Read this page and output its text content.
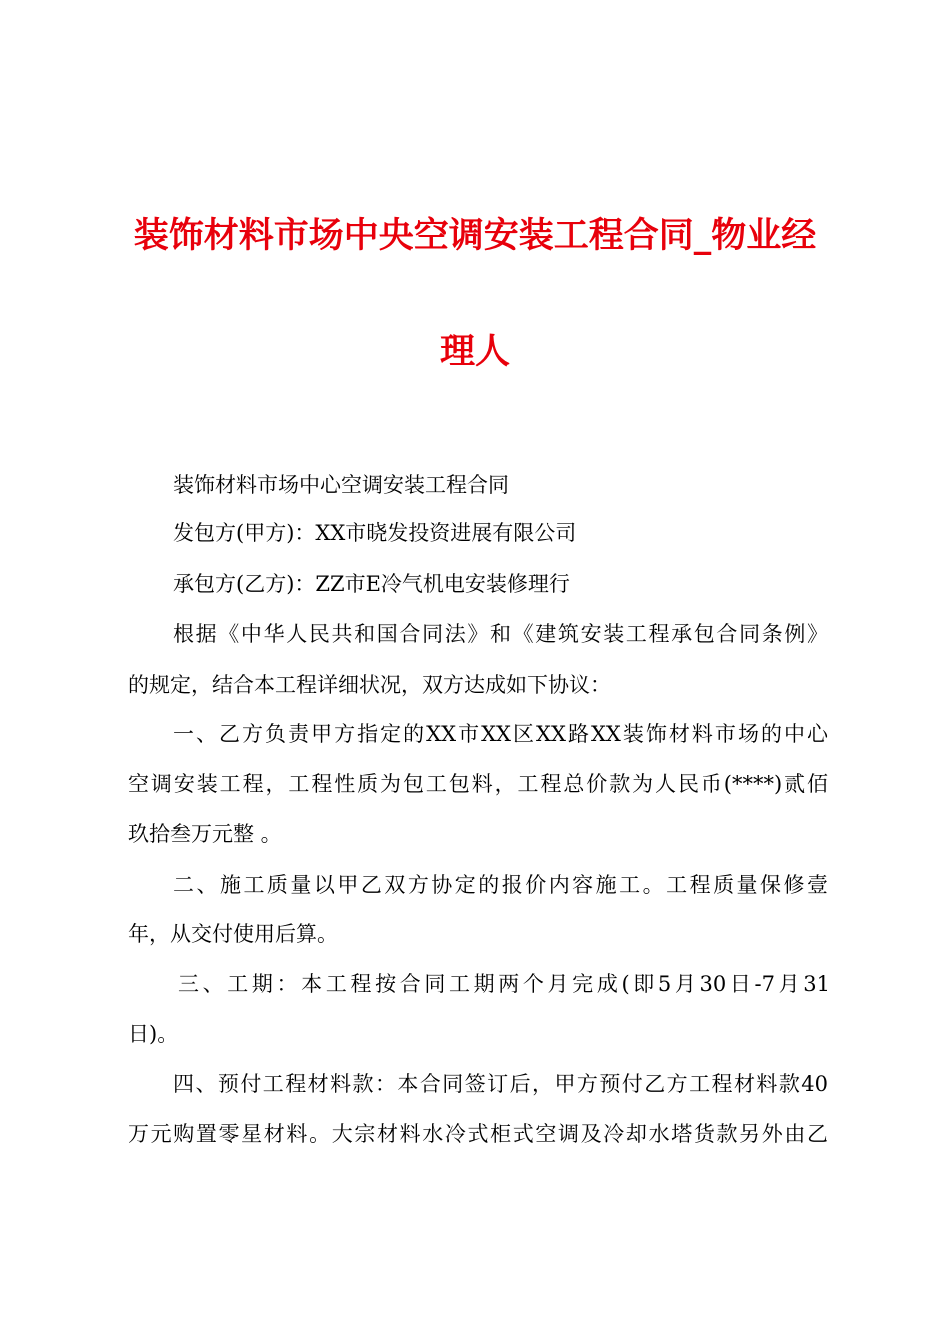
装饰材料市场中央空调安装工程合同_物业经
理人
装饰材料市场中心空调安装工程合同
发包方(甲方)：XX市晓发投资进展有限公司
承包方(乙方)：ZZ市E冷气机电安装修理行
根据《中华人民共和国合同法》和《建筑安装工程承包合同条例》
的规定，结合本工程详细状况，双方达成如下协议：
一、乙方负责甲方指定的XX市XX区XX路XX装饰材料市场的中心
空调安装工程，工程性质为包工包料，工程总价款为人民币(****)贰佰
玖拾叁万元整 。
二、施工质量以甲乙双方协定的报价内容施工。工程质量保修壹
年，从交付使用后算。
三、工期：本工程按合同工期两个月完成(即5月30日-7月31
日)。
四、预付工程材料款：本合同签订后，甲方预付乙方工程材料款40
万元购置零星材料。大宗材料水冷式柜式空调及冷却水塔货款另外由乙
